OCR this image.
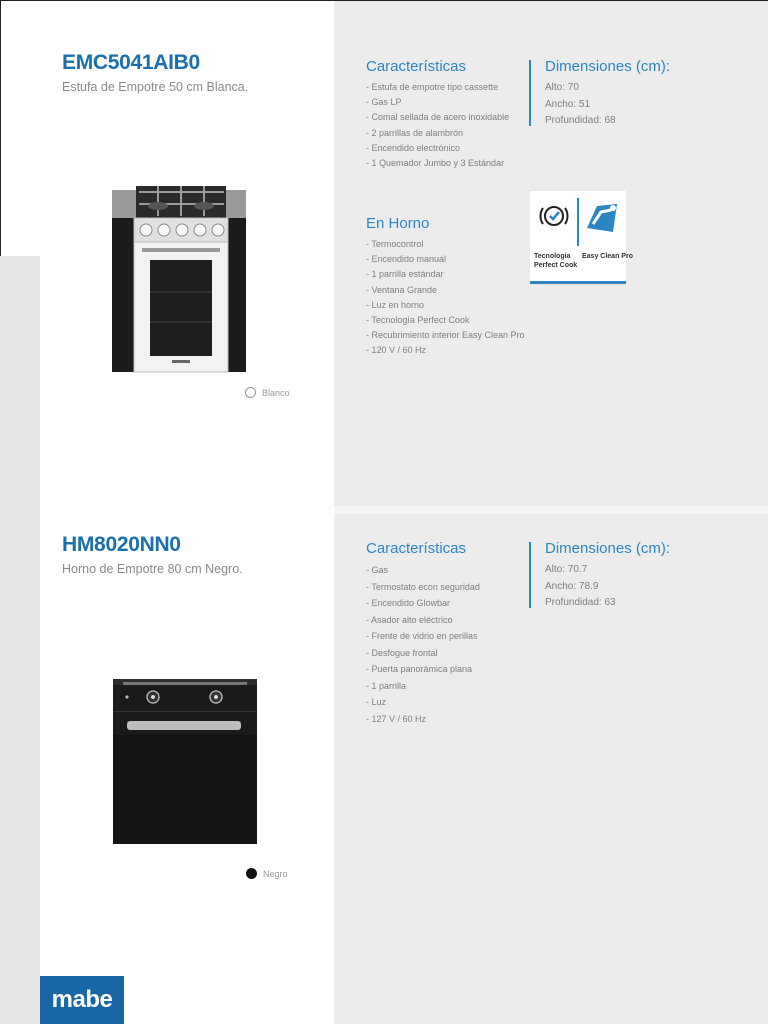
EMC5041AIB0
Estufa de Empotre 50 cm Blanca.
Blanco
Características
- Estufa de empotre tipo cassette
- Gas LP
- Comal sellada de acero inoxidable
- 2 parrillas de alambrón
- Encendido electrónico
- 1 Quemador Jumbo y 3 Estándar
En Horno
- Termocontrol
- Encendido manual
- 1 parrilla estándar
- Ventana Grande
- Luz en horno
- Tecnología Perfect Cook
- Recubrimiento interior Easy Clean Pro
- 120 V / 60 Hz
Dimensiones (cm):
Alto: 70
Ancho: 51
Profundidad: 68
Tecnología
Perfect Cook
Easy Clean Pro
HM8020NN0
Horno de Empotre 80 cm Negro.
Negro
Características
- Gas
- Termostato econ seguridad
- Encendido Glowbar
- Asador alto eléctrico
- Frente de vidrio en perillas
- Desfogue frontal
- Puerta panorámica plana
- 1 parrilla
- Luz
- 127 V / 60 Hz
Dimensiones (cm):
Alto: 70.7
Ancho: 78.9
Profundidad: 63
mabe
